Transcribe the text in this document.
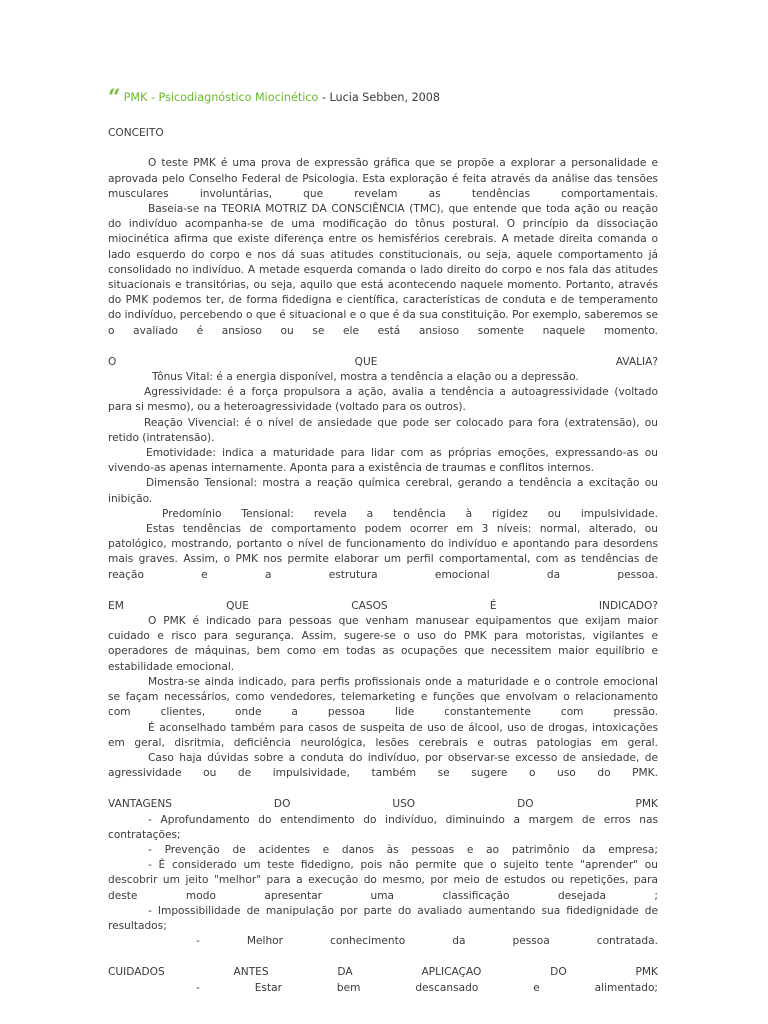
“ PMK - Psicodiagnóstico Miocinético - Lucia Sebben, 2008
CONCEITO

O teste PMK é uma prova de expressão gráfica que se propõe a explorar a personalidade e aprovada pelo Conselho Federal de Psicologia. Esta exploração é feita através da análise das tensões musculares involuntárias, que revelam as tendências comportamentais.

Baseia-se na TEORIA MOTRIZ DA CONSCIÊNCIA (TMC), que entende que toda ação ou reação do indivíduo acompanha-se de uma modificação do tônus postural. O princípio da dissociação miocinética afirma que existe diferença entre os hemisférios cerebrais. A metade direita comanda o lado esquerdo do corpo e nos dá suas atitudes constitucionais, ou seja, aquele comportamento já consolidado no indivíduo. A metade esquerda comanda o lado direito do corpo e nos fala das atitudes situacionais e transitórias, ou seja, aquilo que está acontecendo naquele momento. Portanto, através do PMK podemos ter, de forma fidedigna e científica, características de conduta e de temperamento do indivíduo, percebendo o que é situacional e o que é da sua constituição. Por exemplo, saberemos se o avaliado é ansioso ou se ele está ansioso somente naquele momento.

O	QUE	AVALIA?

Tônus Vital: é a energia disponível, mostra a tendência a elação ou a depressão.

Agressividade: é a força propulsora a ação, avalia a tendência a autoagressividade (voltado para si mesmo), ou a heteroagressividade (voltado para os outros).

Reação Vivencial: é o nível de ansiedade que pode ser colocado para fora (extratensão), ou retido (intratensão).

Emotividade: indica a maturidade para lidar com as próprias emoções, expressando-as ou vivendo-as apenas internamente. Aponta para a existência de traumas e conflitos internos.

Dimensão Tensional: mostra a reação química cerebral, gerando a tendência a excitação ou inibição.

Predomínio Tensional: revela a tendência à rigidez ou impulsividade.

Estas tendências de comportamento podem ocorrer em 3 níveis: normal, alterado, ou patológico, mostrando, portanto o nível de funcionamento do indivíduo e apontando para desordens mais graves. Assim, o PMK nos permite elaborar um perfil comportamental, com as tendências de reação e a estrutura emocional da pessoa.

EM	QUE	CASOS	É	INDICADO?

O PMK é indicado para pessoas que venham manusear equipamentos que exijam maior cuidado e risco para segurança. Assim, sugere-se o uso do PMK para motoristas, vigilantes e operadores de máquinas, bem como em todas as ocupações que necessitem maior equilíbrio e estabilidade emocional.

Mostra-se ainda indicado, para perfis profissionais onde a maturidade e o controle emocional se façam necessários, como vendedores, telemarketing e funções que envolvam o relacionamento com clientes, onde a pessoa lide constantemente com pressão.

É aconselhado também para casos de suspeita de uso de álcool, uso de drogas, intoxicações em geral, disritmia, deficiência neurológica, lesões cerebrais e outras patologias em geral.

Caso haja dúvidas sobre a conduta do indivíduo, por observar-se excesso de ansiedade, de agressividade ou de impulsividade, também se sugere o uso do PMK.

VANTAGENS	DO	USO	DO	PMK

- Aprofundamento do entendimento do indivíduo, diminuindo a margem de erros nas contratações;

- Prevenção de acidentes e danos às pessoas e ao patrimônio da empresa;

- É considerado um teste fidedigno, pois não permite que o sujeito tente "aprender" ou descobrir um jeito "melhor" para a execução do mesmo, por meio de estudos ou repetições, para deste modo apresentar uma classificação desejada ;

- Impossibilidade de manipulação por parte do avaliado aumentando sua fidedignidade de resultados;

- Melhor conhecimento da pessoa contratada.

CUIDADOS	ANTES	DA	APLICAÇAO	DO	PMK

- Estar bem descansado e alimentado;
